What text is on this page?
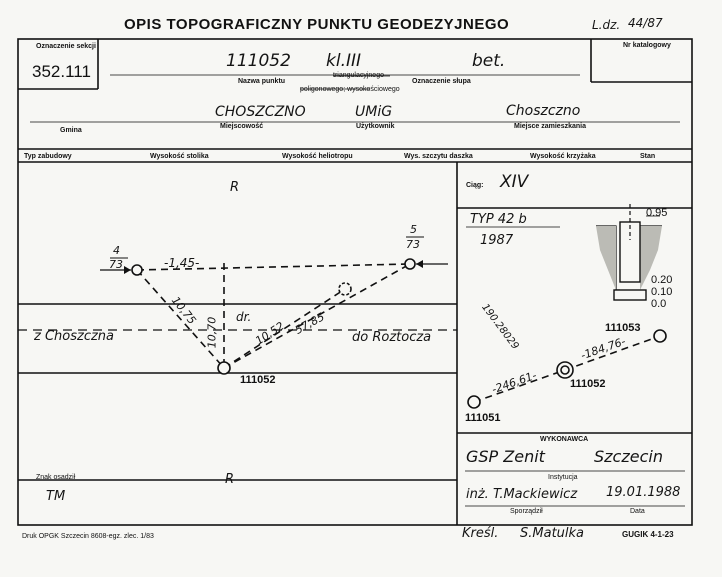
OPIS TOPOGRAFICZNY PUNKTU GEODEZYJNEGO	L.dz. 44/87
Nr katalogowy
Oznaczenie sekcji
352.111
111052 kl.III	bet.
triangulacyjnego
Nazwa punktu
poligonowego; wysokościowego
Oznaczenie słupa
CHOSZCZNO	UMiG	Choszczno
Gmina
Miejscowość	Użytkownik	Miejsce zamieszkania
Typ zabudowy	Wysokość stolika	Wysokość heliotropu	Wys. szczytu daszka	Wysokość krzyżaka	Stan
R
4
73
5
73
-1,45-
10,75
10,70 dr.
10,52 57,85
z Choszczna	do Roztocza
111052
R
Ciąg: XIV
TYP 42 b
1987
0.95
0.20
0.10
0.0
190.28029	111053
111052
111051
-246,61-
-184,76-
Znak osadził
TM
WYKONAWCA
GSP Zenit	Szczecin
Instytucja
inż. T.Mackiewicz 19.01.1988
Sporządził	Data
Kreśl. S.Matulka
Druk OPGK Szczecin 8608-egz. zlec. 1/83	GUGIK 4-1-23
